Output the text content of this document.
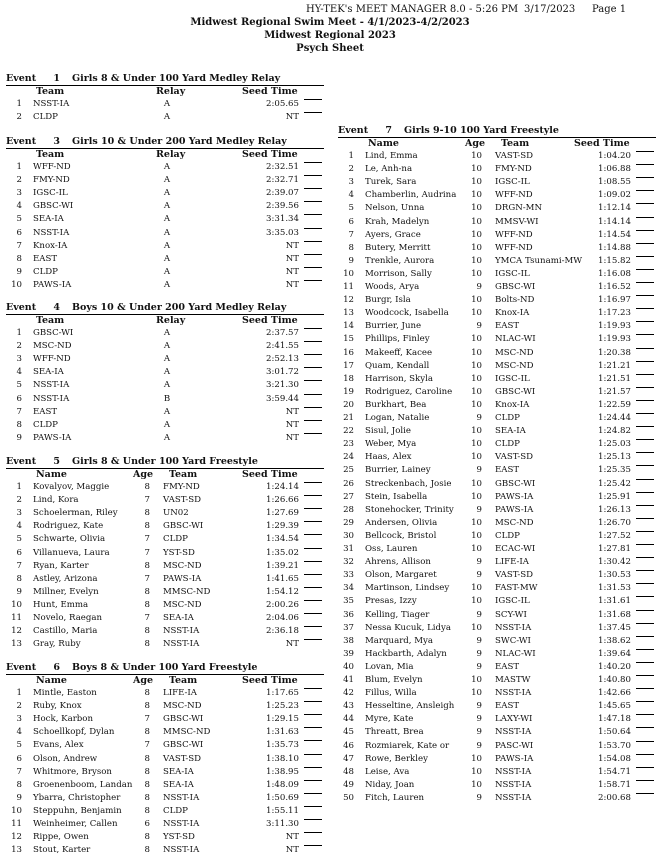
HY-TEK's MEET MANAGER 8.0 - 5:26 PM 3/17/2023 Page 1
Midwest Regional Swim Meet - 4/1/2023-4/2/2023
Midwest Regional 2023
Psych Sheet
Event	1 Girls 8 & Under 100 Yard Medley Relay
Team	Relay	Seed Time
1 NSST-IA	A	2:05.65
2 CLDP	A	NT
Event	3 Girls 10 & Under 200 Yard Medley Relay
Team	Relay	Seed Time
1 WFF-ND	A	2:32.51
2 FMY-ND	A	2:32.71
3 IGSC-IL	A	2:39.07
4 GBSC-WI	A	2:39.56
5 SEA-IA	A	3:31.34
6 NSST-IA	A	3:35.03
7 Knox-IA	A	NT
8 EAST	A	NT
9 CLDP	A	NT
10 PAWS-IA	A	NT
Event	4 Boys 10 & Under 200 Yard Medley Relay
Team	Relay	Seed Time
1 GBSC-WI	A	2:37.57
2 MSC-ND	A	2:41.55
3 WFF-ND	A	2:52.13
4 SEA-IA	A	3:01.72
5 NSST-IA	A	3:21.30
6 NSST-IA	B	3:59.44
7 EAST	A	NT
8 CLDP	A	NT
9 PAWS-IA	A	NT
Event	5 Girls 8 & Under 100 Yard Freestyle
Name	Age Team	Seed Time
1 Kovalyov, Maggie	8 FMY-ND	1:24.14
2 Lind, Kora	7 VAST-SD	1:26.66
3 Schoelerman, Riley	8 UN02	1:27.69
4 Rodriguez, Kate	8 GBSC-WI	1:29.39
5 Schwarte, Olivia	7 CLDP	1:34.54
6 Villanueva, Laura	7 YST-SD	1:35.02
7 Ryan, Karter	8 MSC-ND	1:39.21
8 Astley, Arizona	7 PAWS-IA	1:41.65
9 Millner, Evelyn	8 MMSC-ND	1:54.12
10 Hunt, Emma	8 MSC-ND	2:00.26
11 Novelo, Raegan	7 SEA-IA	2:04.06
12 Castillo, Maria	8 NSST-IA	2:36.18
13 Gray, Ruby	8 NSST-IA	NT
Event	6 Boys 8 & Under 100 Yard Freestyle
Name	Age Team	Seed Time
1 Mintle, Easton	8 LIFE-IA	1:17.65
2 Ruby, Knox	8 MSC-ND	1:25.23
3 Hock, Karbon	7 GBSC-WI	1:29.15
4 Schoellkopf, Dylan	8 MMSC-ND	1:31.63
5 Evans, Alex	7 GBSC-WI	1:35.73
6 Olson, Andrew	8 VAST-SD	1:38.10
7 Whitmore, Bryson	8 SEA-IA	1:38.95
8 Groenenboom, Landan	8 SEA-IA	1:48.09
9 Ybarra, Christopher	8 NSST-IA	1:50.69
10 Steppuhn, Benjamin	8 CLDP	1:55.11
11 Weinheimer, Callen	6 NSST-IA	3:11.30
12 Rippe, Owen	8 YST-SD	NT
13 Stout, Karter	8 NSST-IA	NT
Event	7 Girls 9-10 100 Yard Freestyle
Name	Age Team	Seed Time
1 Lind, Emma	10 VAST-SD	1:04.20
2 Le, Anh-na	10 FMY-ND	1:06.88
3 Turek, Sara	10 IGSC-IL	1:08.55
4 Chamberlin, Audrina	10 WFF-ND	1:09.02
5 Nelson, Unna	10 DRGN-MN	1:12.14
6 Krah, Madelyn	10 MMSV-WI	1:14.14
7 Ayers, Grace	10 WFF-ND	1:14.54
8 Butery, Merritt	10 WFF-ND	1:14.88
9 Trenkle, Aurora	10 YMCA Tsunami-MW	1:15.82
10 Morrison, Sally	10 IGSC-IL	1:16.08
11 Woods, Arya	9 GBSC-WI	1:16.52
12 Burgr, Isla	10 Bolts-ND	1:16.97
13 Woodcock, Isabella	10 Knox-IA	1:17.23
14 Burrier, June	9 EAST	1:19.93
15 Phillips, Finley	10 NLAC-WI	1:19.93
16 Makeeff, Kacee	10 MSC-ND	1:20.38
17 Quam, Kendall	10 MSC-ND	1:21.21
18 Harrison, Skyla	10 IGSC-IL	1:21.51
19 Rodriguez, Caroline	10 GBSC-WI	1:21.57
20 Burkhart, Bea	10 Knox-IA	1:22.59
21 Logan, Natalie	9 CLDP	1:24.44
22 Sisul, Jolie	10 SEA-IA	1:24.82
23 Weber, Mya	10 CLDP	1:25.03
24 Haas, Alex	10 VAST-SD	1:25.13
25 Burrier, Lainey	9 EAST	1:25.35
26 Streckenbach, Josie	10 GBSC-WI	1:25.42
27 Stein, Isabella	10 PAWS-IA	1:25.91
28 Stonehocker, Trinity	9 PAWS-IA	1:26.13
29 Andersen, Olivia	10 MSC-ND	1:26.70
30 Bellcock, Bristol	10 CLDP	1:27.52
31 Oss, Lauren	10 ECAC-WI	1:27.81
32 Ahrens, Allison	9 LIFE-IA	1:30.42
33 Olson, Margaret	9 VAST-SD	1:30.53
34 Martinson, Lindsey	10 FAST-MW	1:31.53
35 Presas, Izzy	10 IGSC-IL	1:31.61
36 Kelling, Tiager	9 SCY-WI	1:31.68
37 Nessa Kucuk, Lidya	10 NSST-IA	1:37.45
38 Marquard, Mya	9 SWC-WI	1:38.62
39 Hackbarth, Adalyn	9 NLAC-WI	1:39.64
40 Lovan, Mia	9 EAST	1:40.20
41 Blum, Evelyn	10 MASTW	1:40.80
42 Fillus, Willa	10 NSST-IA	1:42.66
43 Hesseltine, Ansleigh	9 EAST	1:45.65
44 Myre, Kate	9 LAXY-WI	1:47.18
45 Threatt, Brea	9 NSST-IA	1:50.64
46 Rozmiarek, Kate or	9 PASC-WI	1:53.70
47 Rowe, Berkley	10 PAWS-IA	1:54.08
48 Leise, Ava	10 NSST-IA	1:54.71
49 Niday, Joan	10 NSST-IA	1:58.71
50 Fitch, Lauren	9 NSST-IA	2:00.68
